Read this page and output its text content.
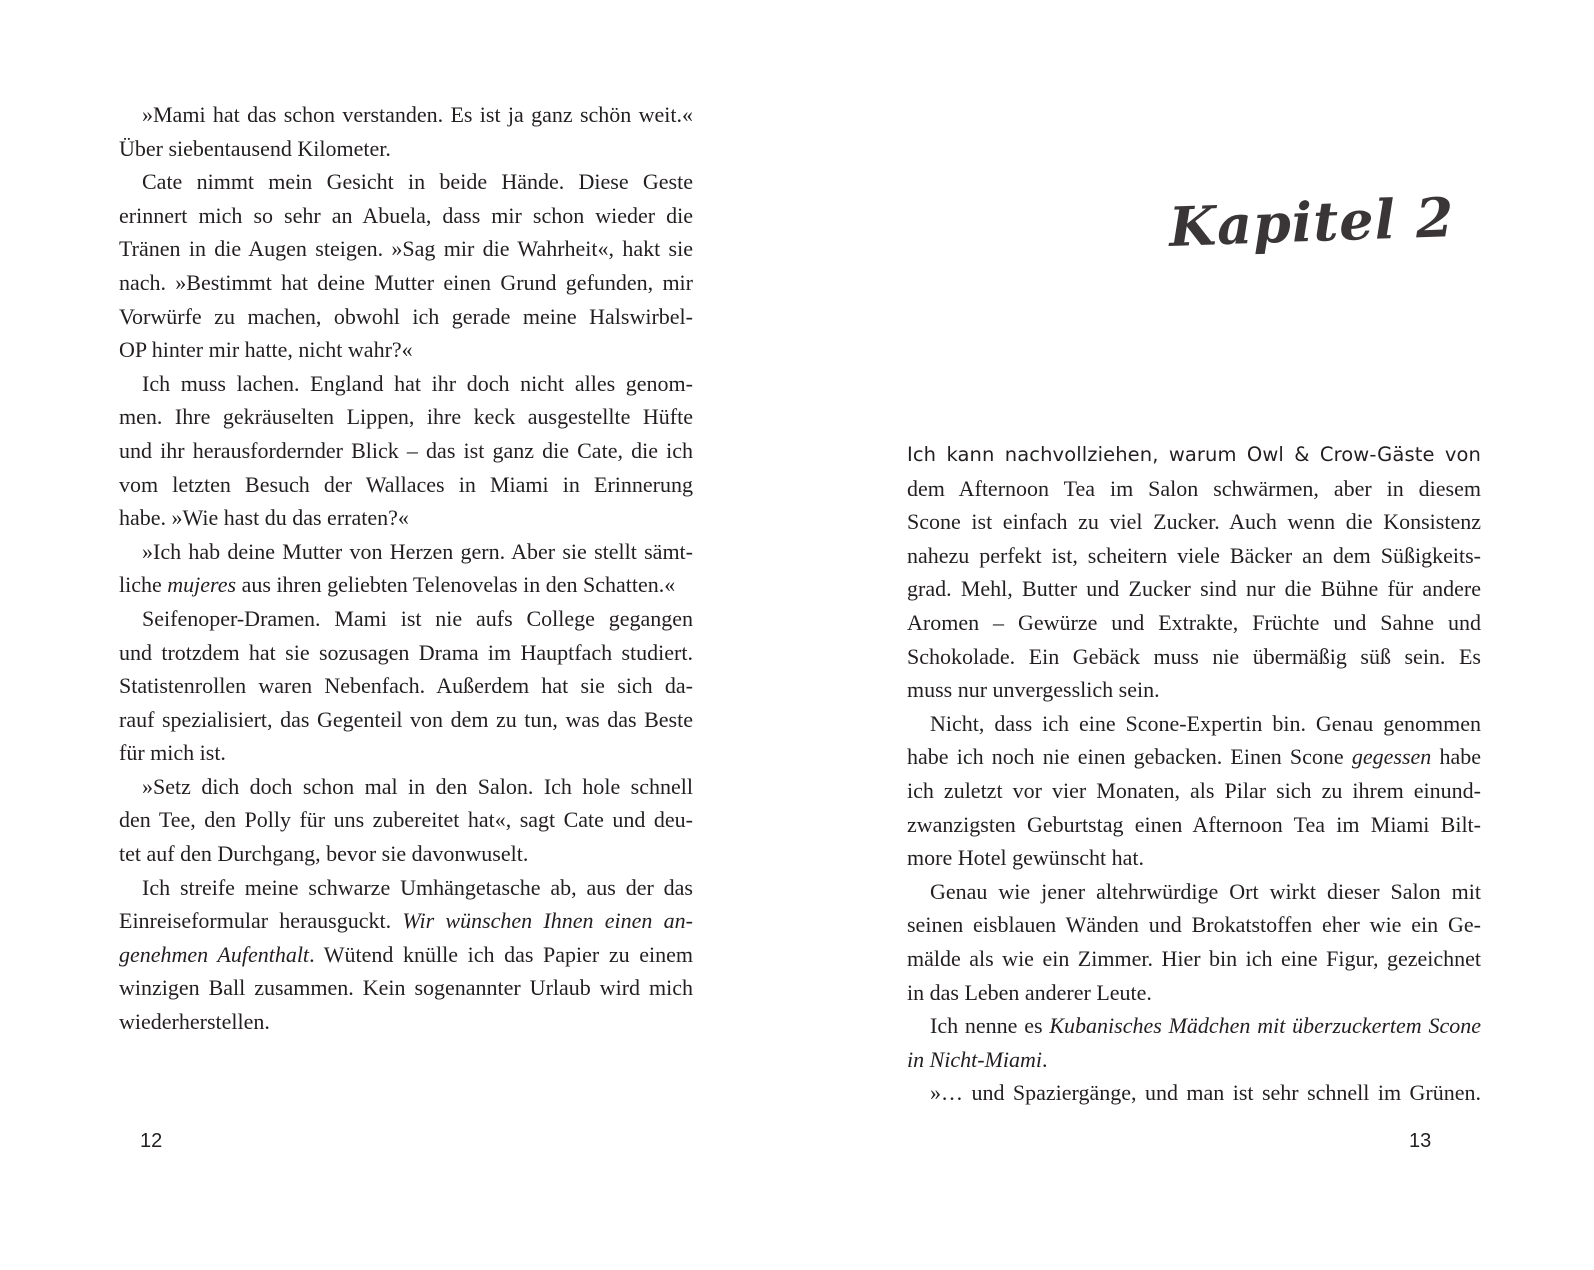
»Mami hat das schon verstanden. Es ist ja ganz schön weit.«
Über siebentausend Kilometer.
Cate nimmt mein Gesicht in beide Hände. Diese Geste
erinnert mich so sehr an Abuela, dass mir schon wieder die
Tränen in die Augen steigen. »Sag mir die Wahrheit«, hakt sie
nach. »Bestimmt hat deine Mutter einen Grund gefunden, mir
Vorwürfe zu machen, obwohl ich gerade meine Halswirbel-
OP hinter mir hatte, nicht wahr?«
Ich muss lachen. England hat ihr doch nicht alles genom-
men. Ihre gekräuselten Lippen, ihre keck ausgestellte Hüfte
und ihr herausfordernder Blick – das ist ganz die Cate, die ich
vom letzten Besuch der Wallaces in Miami in Erinnerung
habe. »Wie hast du das erraten?«
»Ich hab deine Mutter von Herzen gern. Aber sie stellt sämt-
liche mujeres aus ihren geliebten Telenovelas in den Schatten.«
Seifenoper-Dramen. Mami ist nie aufs College gegangen
und trotzdem hat sie sozusagen Drama im Hauptfach studiert.
Statistenrollen waren Nebenfach. Außerdem hat sie sich da-
rauf spezialisiert, das Gegenteil von dem zu tun, was das Beste
für mich ist.
»Setz dich doch schon mal in den Salon. Ich hole schnell
den Tee, den Polly für uns zubereitet hat«, sagt Cate und deu-
tet auf den Durchgang, bevor sie davonwuselt.
Ich streife meine schwarze Umhängetasche ab, aus der das
Einreiseformular herausguckt. Wir wünschen Ihnen einen an-
genehmen Aufenthalt. Wütend knülle ich das Papier zu einem
winzigen Ball zusammen. Kein sogenannter Urlaub wird mich
wiederherstellen.
12
Kapitel 2
Ich kann nachvollziehen, warum Owl & Crow-Gäste von
dem Afternoon Tea im Salon schwärmen, aber in diesem
Scone ist einfach zu viel Zucker. Auch wenn die Konsistenz
nahezu perfekt ist, scheitern viele Bäcker an dem Süßigkeits-
grad. Mehl, Butter und Zucker sind nur die Bühne für andere
Aromen – Gewürze und Extrakte, Früchte und Sahne und
Schokolade. Ein Gebäck muss nie übermäßig süß sein. Es
muss nur unvergesslich sein.
Nicht, dass ich eine Scone-Expertin bin. Genau genommen
habe ich noch nie einen gebacken. Einen Scone gegessen habe
ich zuletzt vor vier Monaten, als Pilar sich zu ihrem einund-
zwanzigsten Geburtstag einen Afternoon Tea im Miami Bilt-
more Hotel gewünscht hat.
Genau wie jener altehrwürdige Ort wirkt dieser Salon mit
seinen eisblauen Wänden und Brokatstoffen eher wie ein Ge-
mälde als wie ein Zimmer. Hier bin ich eine Figur, gezeichnet
in das Leben anderer Leute.
Ich nenne es Kubanisches Mädchen mit überzuckertem Scone
in Nicht-Miami.
»… und Spaziergänge, und man ist sehr schnell im Grünen.
13
